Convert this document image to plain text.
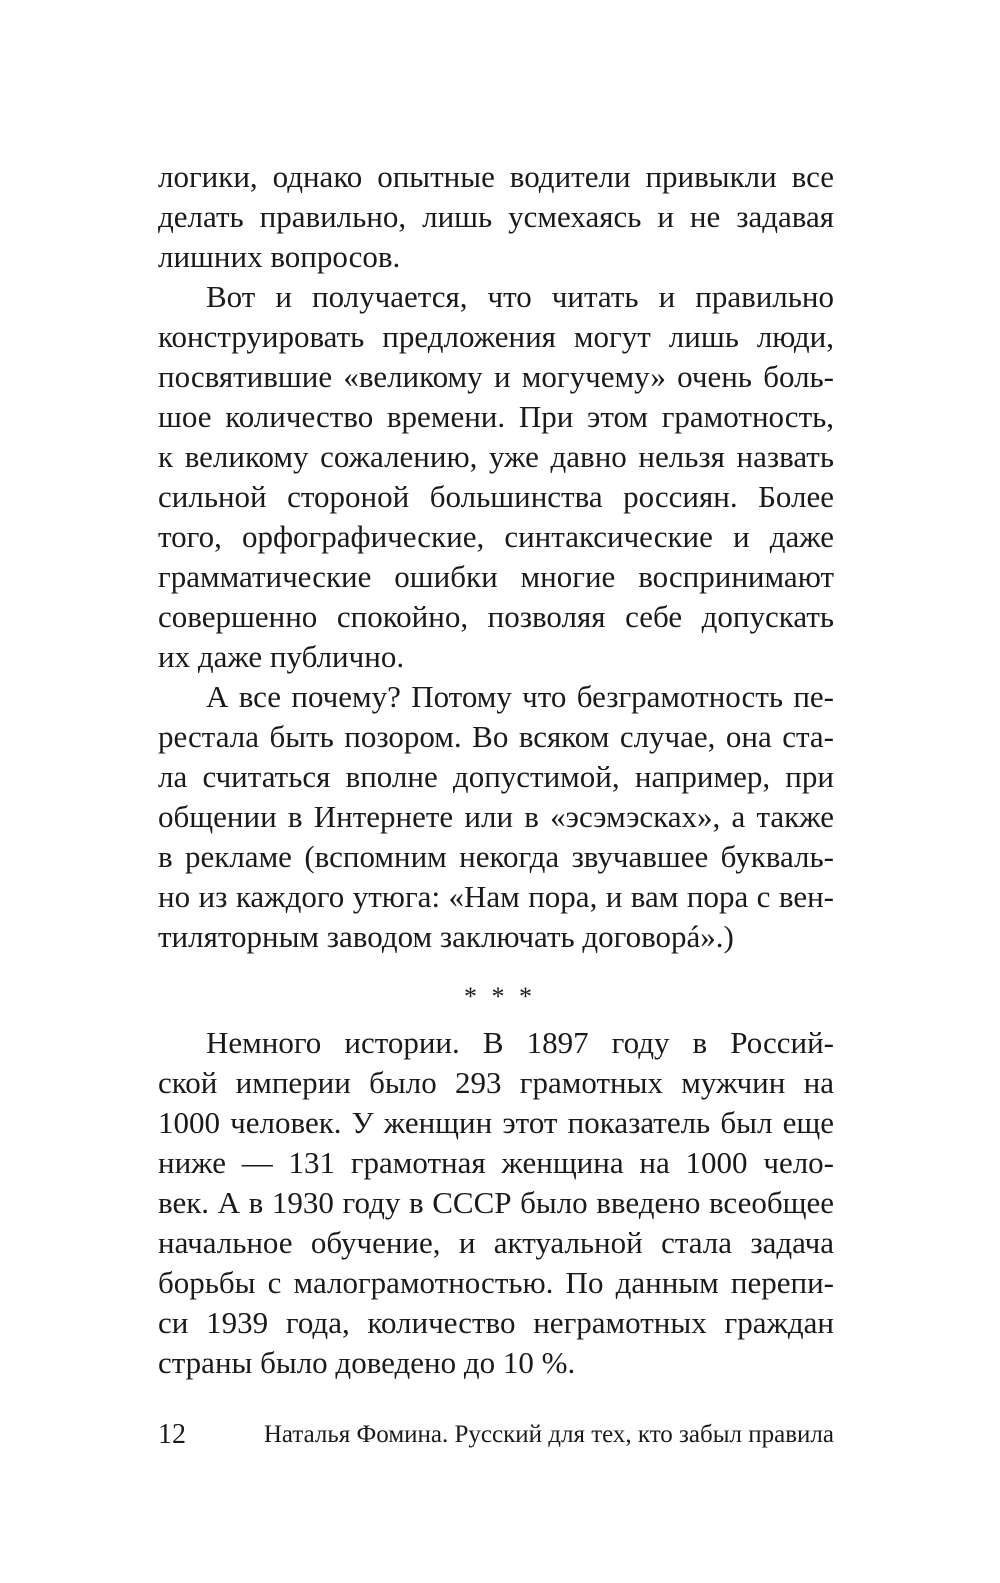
логики, однако опытные водители привыкли все
делать правильно, лишь усмехаясь и не задавая
лишних вопросов.
Вот и получается, что читать и правильно
конструировать предложения могут лишь люди,
посвятившие «великому и могучему» очень боль-
шое количество времени. При этом грамотность,
к великому сожалению, уже давно нельзя назвать
сильной стороной большинства россиян. Более
того, орфографические, синтаксические и даже
грамматические ошибки многие воспринимают
совершенно спокойно, позволяя себе допускать
их даже публично.
А все почему? Потому что безграмотность пе-
рестала быть позором. Во всяком случае, она ста-
ла считаться вполне допустимой, например, при
общении в Интернете или в «эсэмэсках», а также
в рекламе (вспомним некогда звучавшее букваль-
но из каждого утюга: «Нам пора, и вам пора с вен-
тиляторным заводом заключать договорá».)
* * *
Немного истории. В 1897 году в Россий-
ской империи было 293 грамотных мужчин на
1000 человек. У женщин этот показатель был еще
ниже — 131 грамотная женщина на 1000 чело-
век. А в 1930 году в СССР было введено всеобщее
начальное обучение, и актуальной стала задача
борьбы с малограмотностью. По данным перепи-
си 1939 года, количество неграмотных граждан
страны было доведено до 10 %.
12	Наталья Фомина. Русский для тех, кто забыл правила
